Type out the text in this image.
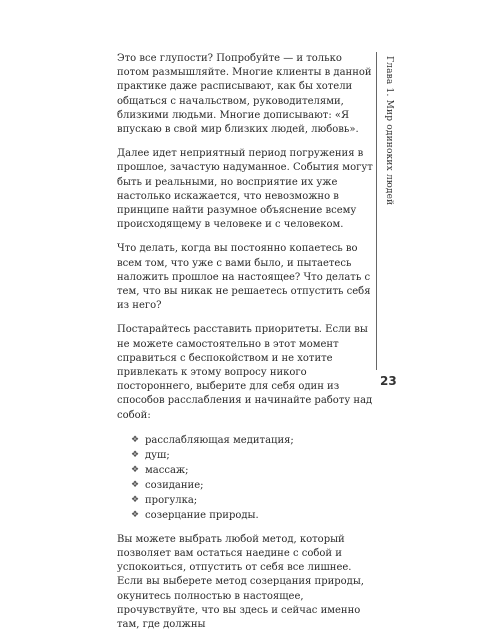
Это все глупости? Попробуйте — и только потом размышляйте. Многие клиенты в данной практике даже расписывают, как бы хотели общаться с начальством, руководителями, близкими людьми. Многие дописывают: «Я впускаю в свой мир близких людей, любовь».

Далее идет неприятный период погружения в прошлое, зачастую надуманное. События могут быть и реальными, но восприятие их уже настолько искажается, что невозможно в принципе найти разумное объяснение всему происходящему в человеке и с человеком.

Что делать, когда вы постоянно копаетесь во всем том, что уже с вами было, и пытаетесь наложить прошлое на настоящее? Что делать с тем, что вы никак не решаетесь отпустить себя из него?

Постарайтесь расставить приоритеты. Если вы не можете самостоятельно в этот момент справиться с беспокойством и не хотите привлекать к этому вопросу никого постороннего, выберите для себя один из способов расслабления и начинайте работу над собой:

❖ расслабляющая медитация;
❖ душ;
❖ массаж;
❖ созидание;
❖ прогулка;
❖ созерцание природы.

Вы можете выбрать любой метод, который позволяет вам остаться наедине с собой и успокоиться, отпустить от себя все лишнее. Если вы выберете метод созерцания природы, окунитесь полностью в настоящее, прочувствуйте, что вы здесь и сейчас именно там, где должны

Глава 1. Мир одиноких людей
23
